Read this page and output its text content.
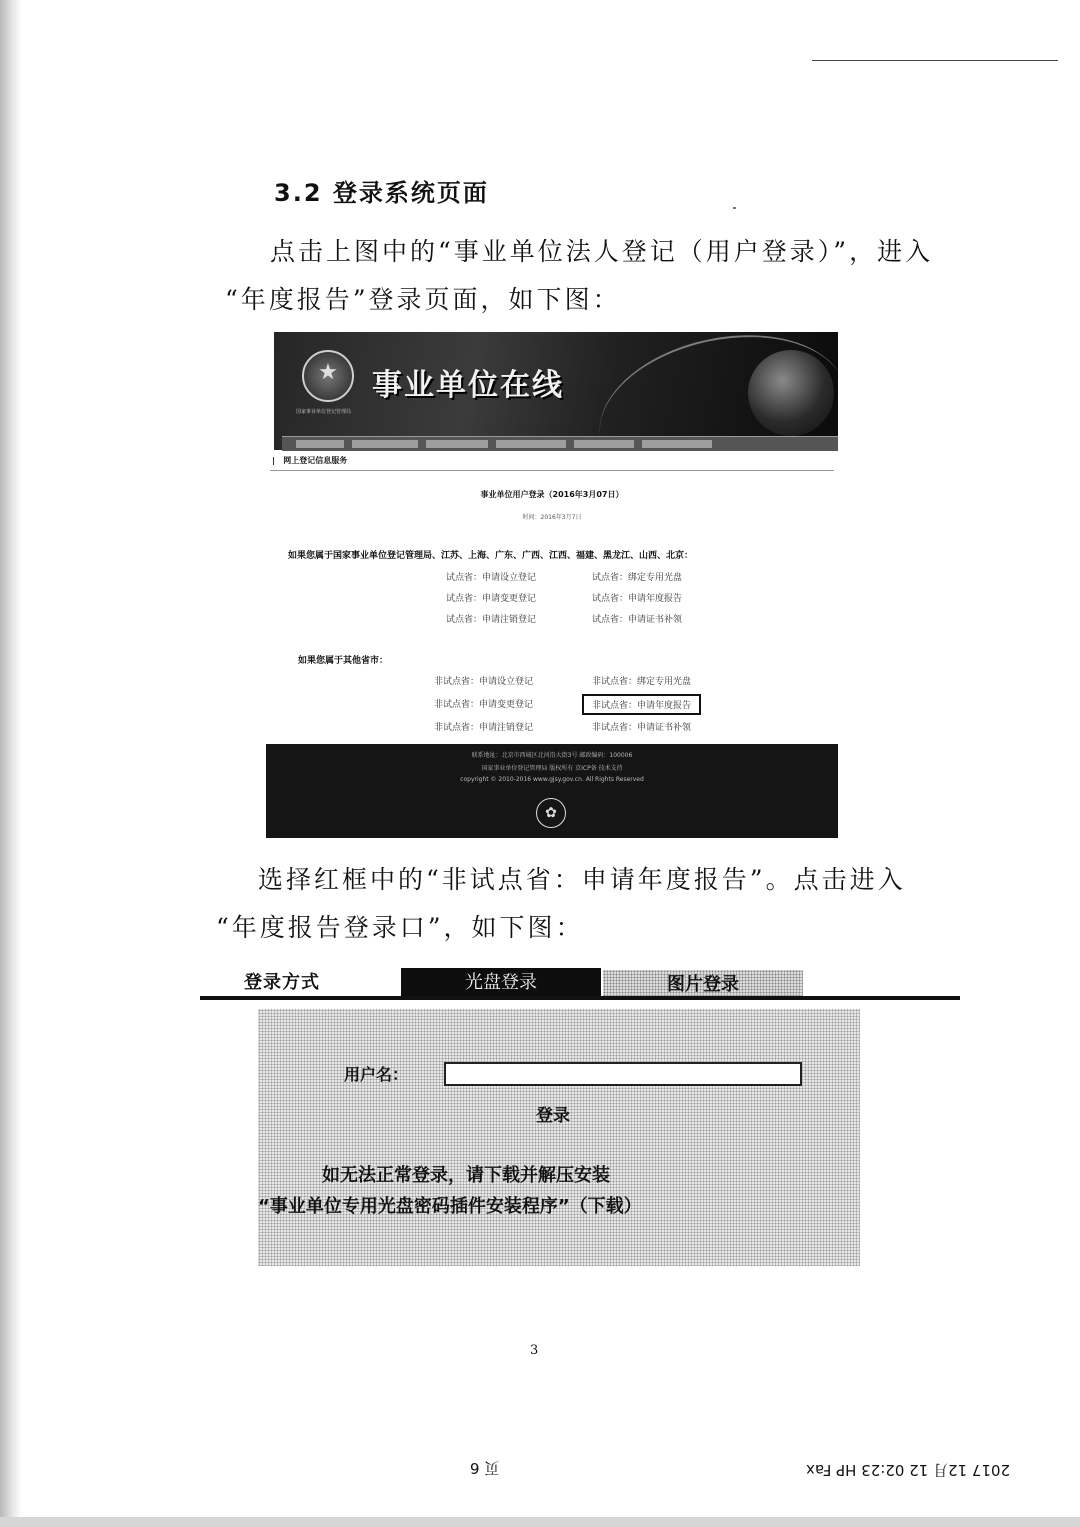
3.2 登录系统页面
点击上图中的“事业单位法人登记（用户登录）”，进入
“年度报告”登录页面，如下图：
★
国家事业单位登记管理局
事业单位在线
|   网上登记信息服务
事业单位用户登录（2016年3月07日）
时间：2016年3月7日
如果您属于国家事业单位登记管理局、江苏、上海、广东、广西、江西、福建、黑龙江、山西、北京：
试点省：申请设立登记	试点省：绑定专用光盘
试点省：申请变更登记	试点省：申请年度报告
试点省：申请注销登记	试点省：申请证书补领
如果您属于其他省市：
非试点省：申请设立登记	非试点省：绑定专用光盘
非试点省：申请变更登记	非试点省：申请年度报告
非试点省：申请注销登记	非试点省：申请证书补领
联系地址：北京市西城区北河沿大街3号 邮政编码：100006
国家事业单位登记管理局 版权所有 京ICP备 技术支持
copyright © 2010-2016 www.gjsy.gov.cn. All Rights Reserved
✿
选择红框中的“非试点省：申请年度报告”。点击进入
“年度报告登录口”，如下图：
登录方式	光盘登录	图片登录
用户名：
登录
如无法正常登录，请下载并解压安装
“事业单位专用光盘密码插件安装程序”（下载）
3
页 6	2017 12月 12 02:23 HP Fax
